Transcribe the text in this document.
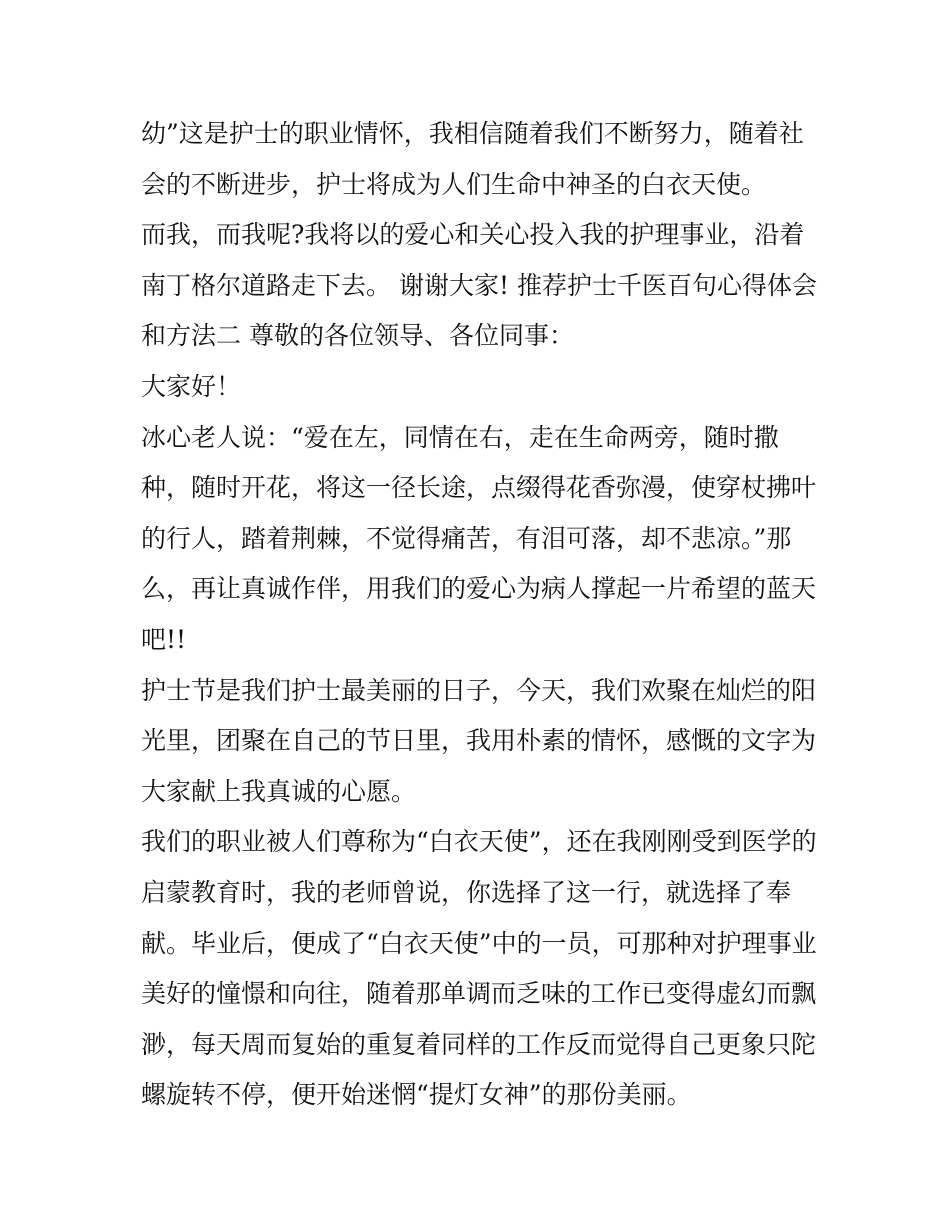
幼”这是护士的职业情怀，我相信随着我们不断努力，随着社
会的不断进步，护士将成为人们生命中神圣的白衣天使。
而我，而我呢?我将以的爱心和关心投入我的护理事业，沿着
南丁格尔道路走下去。 谢谢大家! 推荐护士千医百句心得体会
和方法二 尊敬的各位领导、各位同事：
大家好！
冰心老人说：“爱在左，同情在右，走在生命两旁，随时撒
种，随时开花，将这一径长途，点缀得花香弥漫，使穿杖拂叶
的行人，踏着荆棘，不觉得痛苦，有泪可落，却不悲凉。”那
么，再让真诚作伴，用我们的爱心为病人撑起一片希望的蓝天
吧!!
护士节是我们护士最美丽的日子，今天，我们欢聚在灿烂的阳
光里，团聚在自己的节日里，我用朴素的情怀，感慨的文字为
大家献上我真诚的心愿。
我们的职业被人们尊称为“白衣天使”，还在我刚刚受到医学的
启蒙教育时，我的老师曾说，你选择了这一行，就选择了奉
献。毕业后，便成了“白衣天使”中的一员，可那种对护理事业
美好的憧憬和向往，随着那单调而乏味的工作已变得虚幻而飘
渺，每天周而复始的重复着同样的工作反而觉得自己更象只陀
螺旋转不停，便开始迷惘“提灯女神”的那份美丽。
